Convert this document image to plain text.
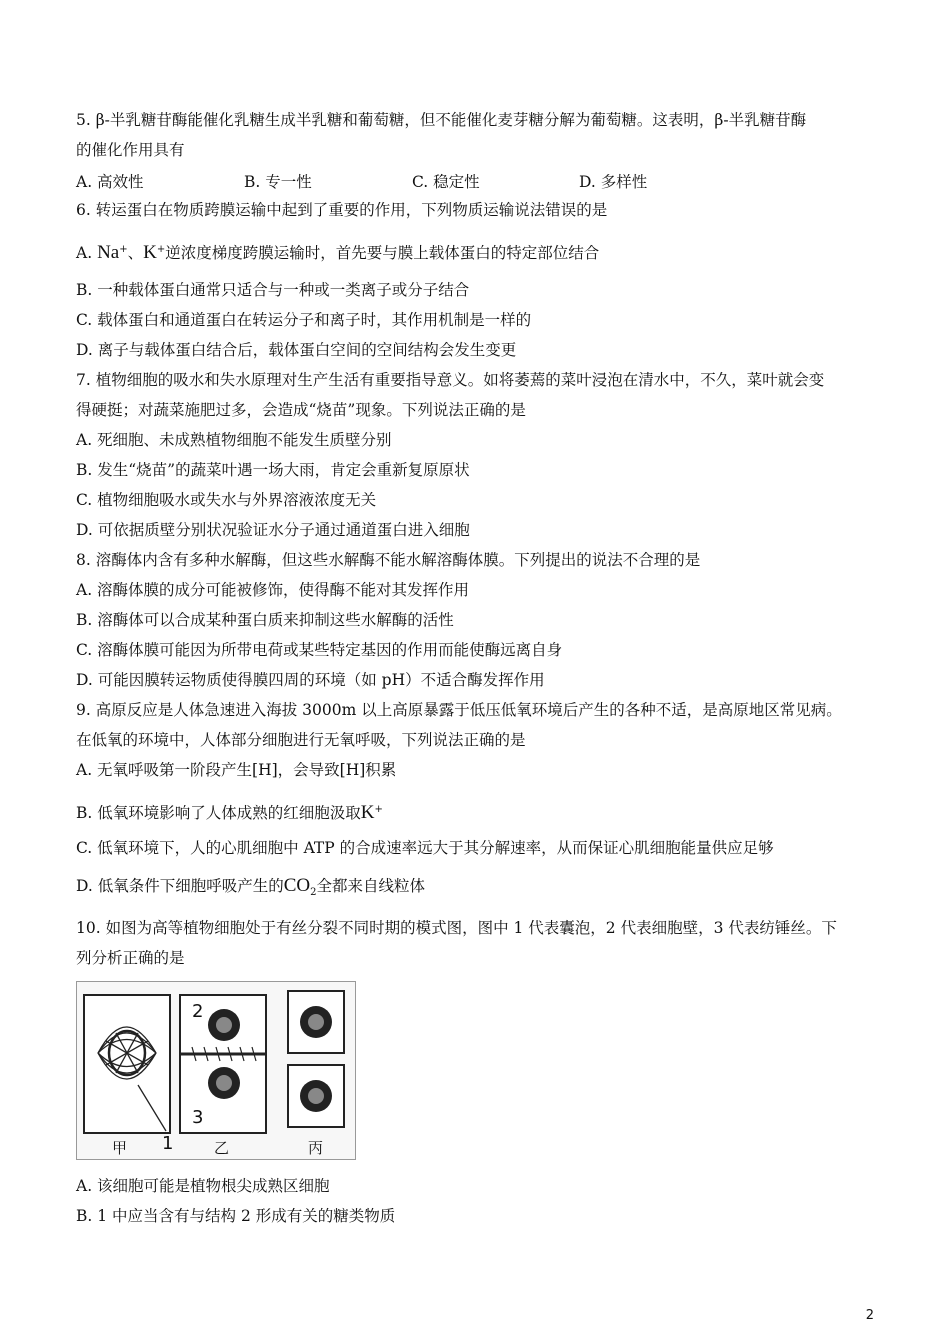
5. β-半乳糖苷酶能催化乳糖生成半乳糖和葡萄糖，但不能催化麦芽糖分解为葡萄糖。这表明，β-半乳糖苷酶
的催化作用具有
A. 高效性	B. 专一性	C. 稳定性	D. 多样性
6. 转运蛋白在物质跨膜运输中起到了重要的作用，下列物质运输说法错误的是
A. Na+、K+逆浓度梯度跨膜运输时，首先要与膜上载体蛋白的特定部位结合
B. 一种载体蛋白通常只适合与一种或一类离子或分子结合
C. 载体蛋白和通道蛋白在转运分子和离子时，其作用机制是一样的
D. 离子与载体蛋白结合后，载体蛋白空间的空间结构会发生变更
7. 植物细胞的吸水和失水原理对生产生活有重要指导意义。如将萎蔫的菜叶浸泡在清水中，不久，菜叶就会变
得硬挺；对蔬菜施肥过多，会造成“烧苗”现象。下列说法正确的是
A. 死细胞、未成熟植物细胞不能发生质壁分别
B. 发生“烧苗”的蔬菜叶遇一场大雨，肯定会重新复原原状
C. 植物细胞吸水或失水与外界溶液浓度无关
D. 可依据质壁分别状况验证水分子通过通道蛋白进入细胞
8. 溶酶体内含有多种水解酶，但这些水解酶不能水解溶酶体膜。下列提出的说法不合理的是
A. 溶酶体膜的成分可能被修饰，使得酶不能对其发挥作用
B. 溶酶体可以合成某种蛋白质来抑制这些水解酶的活性
C. 溶酶体膜可能因为所带电荷或某些特定基因的作用而能使酶远离自身
D. 可能因膜转运物质使得膜四周的环境（如 pH）不适合酶发挥作用
9. 高原反应是人体急速进入海拔 3000m 以上高原暴露于低压低氧环境后产生的各种不适，是高原地区常见病。
在低氧的环境中，人体部分细胞进行无氧呼吸，下列说法正确的是
A. 无氧呼吸第一阶段产生[H]，会导致[H]积累
B. 低氧环境影响了人体成熟的红细胞汲取K+
C. 低氧环境下，人的心肌细胞中 ATP 的合成速率远大于其分解速率，从而保证心肌细胞能量供应足够
D. 低氧条件下细胞呼吸产生的$CO_2$全都来自线粒体
10. 如图为高等植物细胞处于有丝分裂不同时期的模式图，图中 1 代表囊泡，2 代表细胞壁，3 代表纺锤丝。下
列分析正确的是
2
3
1
甲	乙	丙
A. 该细胞可能是植物根尖成熟区细胞
B. 1 中应当含有与结构 2 形成有关的糖类物质
2
